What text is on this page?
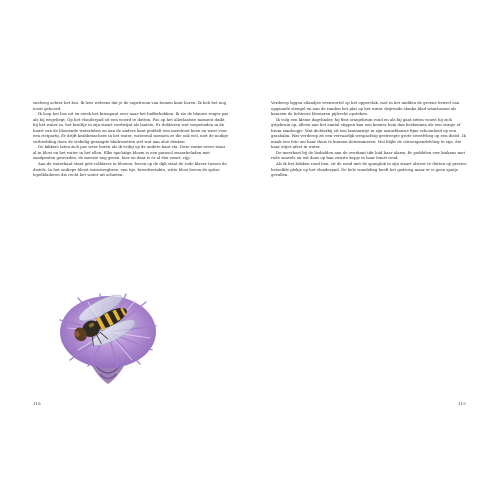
snelweg achter het bos, lk lees weleens dat je de supstroom van bomen kunt horen. Ik heb het nog nooit gehoord.

Ik loop het bos uit en steek het kruispunt over naar het bufferbekken. Ik zie de blauwe reiger pas als hij wegvliegt. Op het vlonderpad zit een woerd te dutten. Pas op het allerlaatste moment duikt hij het water in, het kruiltje in zijn staart verdwijnt als laatste. Er dobberen wat soepeenden in de buurt van de bloeiende waterlelies en aan de andere kant peddelt een meerkoet heen en weer voor een rietpartij. Er drijft krabbenscheer in het water, waterzuil noemen ze die ook wel, met de nodige verbeelding doen de stekelig gezaagde bladrozetten wel wat aan aloë denken.

De kikkers laten zich pas weer horen als ik veilig op de andere kant sta. Deze zonne-zever staat al in bloei en het water in het ellen. Elke spichtige bloem is een parasol zwaarbeladen met zaadpeulen geworden, de meeste nog groen. hier en daar is er al één zwart, rijp.

Aan de waterkant staat gele rolklaver in bloeien, boven op de dijk staat de rode klaver tussen de distels. In het ondiepe bloeit watezwegbree, een tije, breedvertakte, witte bloei boven de spitse lepelbladeren die recht het water uit schieten.

118

Verderop liggen eilandjes veenwortel op het oppervlak, met in het midden de groene heuvel van opgaande stengel en aan de randen het plat op het water drijvende slanke blad waartussen als kaarsen de lichtroze bloeiaren pijlrecht opsteken.

Ik volg een kleine dagvlinder, hij fitst oranjebruin rond en als hij gaat zitten vouwt hij zich grijsbruin op, alleen aan het aantal stippen kan een kenner hem dan herkennen als een oranje of bruin zandoogje. Wat dichterbij zit een lantaarntje in zijn azuurblauwe fijne schoonheid op een grashalm. Wat verderop zit een vervaarlijk wespachtig gestreepte grote zweefvlieg op een distel. Ik maak een foto om haar thuis te kunnen determineren. Hoi blijkt de citroenpendelvlieg te zijn, die haar eitjes afzet in water.

De meerkoet bij de lisdodden aan de overkant tikt luid haar alarm. Er peddelen vier kuikens met rode snavels en wit dons op ban zwarte kopje in haar buurt rond.

Als ik het bekken rond ben, zit de eend met de spuuglok in zijn staart alweer te dutten op precies hetzelfde plekje op het vlonderpad. De hele wandeling heeft het gedroeg maar er is geen spatje gevallen.

119
